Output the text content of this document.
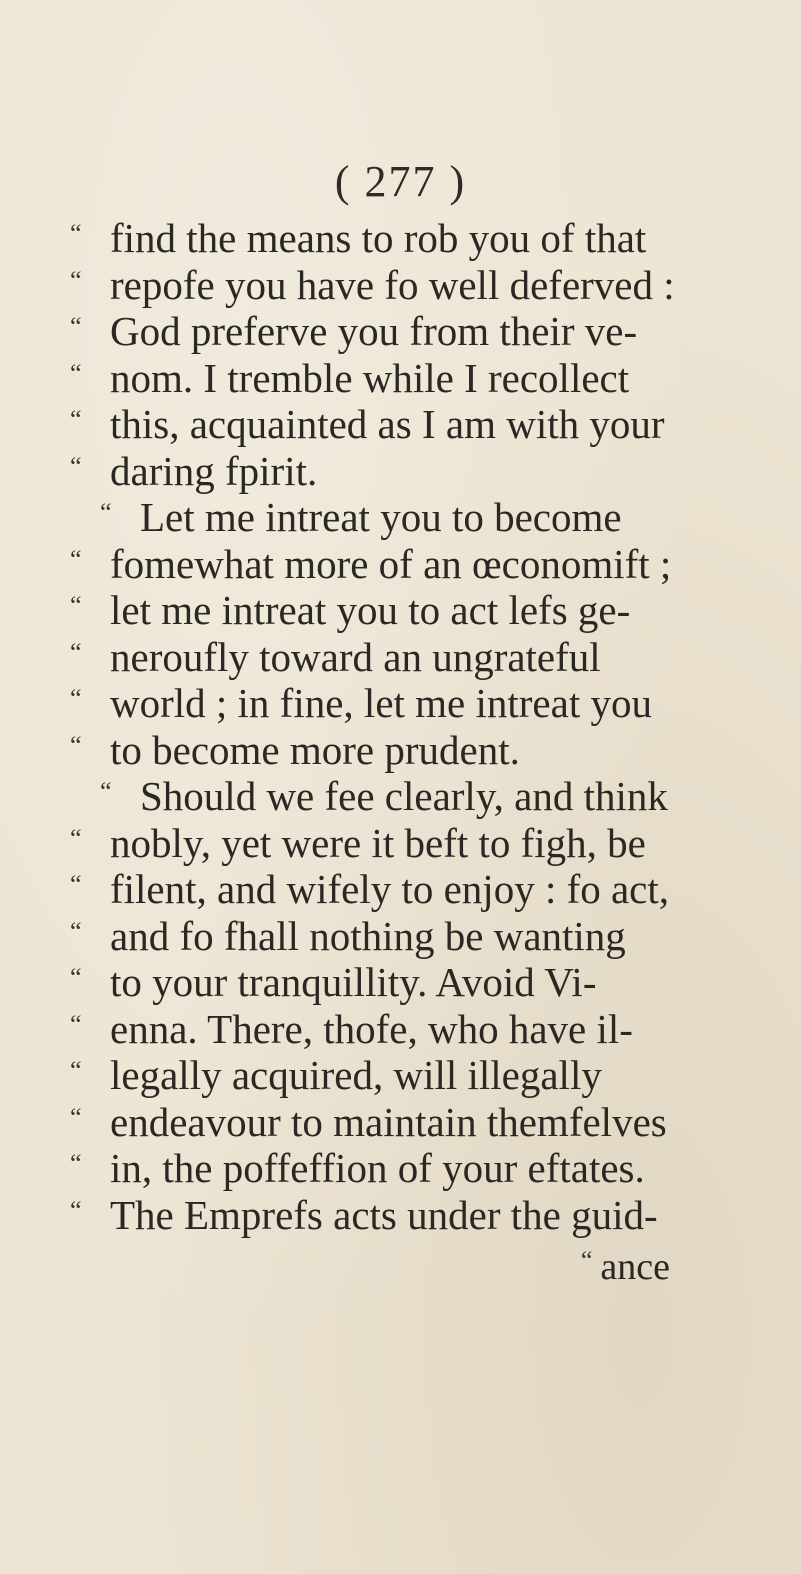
( 277 )
“ find the means to rob you of that
“ repofe you have fo well deferved :
“ God preferve you from their ve-
“ nom. I tremble while I recollect
“ this, acquainted as I am with your
“ daring fpirit.
“ Let me intreat you to become
“ fomewhat more of an œconomift ;
“ let me intreat you to act lefs ge-
“ neroufly toward an ungrateful
“ world ; in fine, let me intreat you
“ to become more prudent.
“ Should we fee clearly, and think
“ nobly, yet were it beft to figh, be
“ filent, and wifely to enjoy : fo act,
“ and fo fhall nothing be wanting
“ to your tranquillity. Avoid Vi-
“ enna. There, thofe, who have il-
“ legally acquired, will illegally
“ endeavour to maintain themfelves
“ in, the poffeffion of your eftates.
“ The Emprefs acts under the guid-
“ ance
